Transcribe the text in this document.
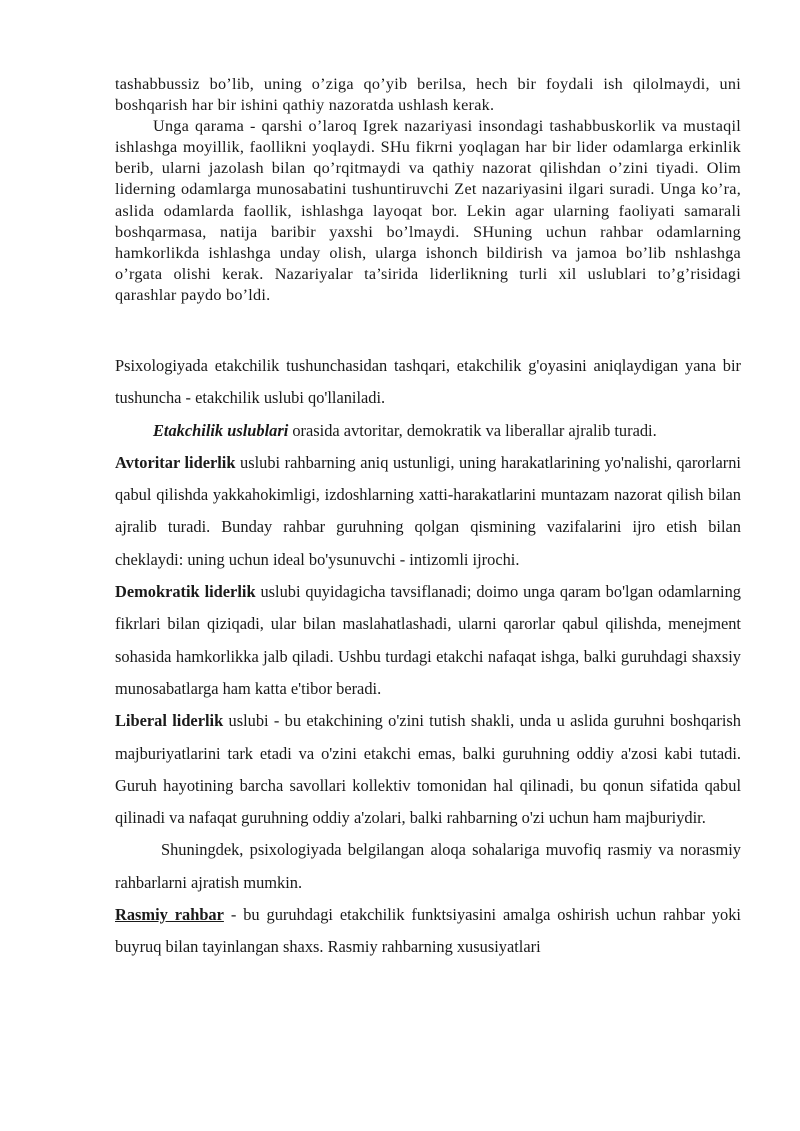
tashabbussiz bo’lib, uning o’ziga qo’yib berilsa, hech bir foydali ish qilolmaydi, uni boshqarish har bir ishini qathiy nazoratda ushlash kerak.

Unga qarama - qarshi o’laroq Igrek nazariyasi insondagi tashabbuskorlik va mustaqil ishlashga moyillik, faollikni yoqlaydi. SHu fikrni yoqlagan har bir lider odamlarga erkinlik berib, ularni jazolash bilan qo’rqitmaydi va qathiy nazorat qilishdan o’zini tiyadi. Olim liderning odamlarga munosabatini tushuntiruvchi Zet nazariyasini ilgari suradi. Unga ko’ra, aslida odamlarda faollik, ishlashga layoqat bor. Lekin agar ularning faoliyati samarali boshqarmasa, natija baribir yaxshi bo’lmaydi. SHuning uchun rahbar odamlarning hamkorlikda ishlashga unday olish, ularga ishonch bildirish va jamoa bo’lib nshlashga o’rgata olishi kerak. Nazariyalar ta’sirida liderlikning turli xil uslublari to’g’risidagi qarashlar paydo bo’ldi.

Psixologiyada etakchilik tushunchasidan tashqari, etakchilik g'oyasini aniqlaydigan yana bir tushuncha - etakchilik uslubi qo'llaniladi.

Etakchilik uslublari orasida avtoritar, demokratik va liberallar ajralib turadi.

Avtoritar liderlik uslubi rahbarning aniq ustunligi, uning harakatlarining yo'nalishi, qarorlarni qabul qilishda yakkahokimligi, izdoshlarning xatti-harakatlarini muntazam nazorat qilish bilan ajralib turadi. Bunday rahbar guruhning qolgan qismining vazifalarini ijro etish bilan cheklaydi: uning uchun ideal bo'ysunuvchi - intizomli ijrochi.

Demokratik liderlik uslubi quyidagicha tavsiflanadi; doimo unga qaram bo'lgan odamlarning fikrlari bilan qiziqadi, ular bilan maslahatlashadi, ularni qarorlar qabul qilishda, menejment sohasida hamkorlikka jalb qiladi. Ushbu turdagi etakchi nafaqat ishga, balki guruhdagi shaxsiy munosabatlarga ham katta e'tibor beradi.

Liberal liderlik uslubi - bu etakchining o'zini tutish shakli, unda u aslida guruhni boshqarish majburiyatlarini tark etadi va o'zini etakchi emas, balki guruhning oddiy a'zosi kabi tutadi. Guruh hayotining barcha savollari kollektiv tomonidan hal qilinadi, bu qonun sifatida qabul qilinadi va nafaqat guruhning oddiy a'zolari, balki rahbarning o'zi uchun ham majburiydir.

Shuningdek, psixologiyada belgilangan aloqa sohalariga muvofiq rasmiy va norasmiy rahbarlarni ajratish mumkin.

Rasmiy rahbar - bu guruhdagi etakchilik funktsiyasini amalga oshirish uchun rahbar yoki buyruq bilan tayinlangan shaxs. Rasmiy rahbarning xususiyatlari
